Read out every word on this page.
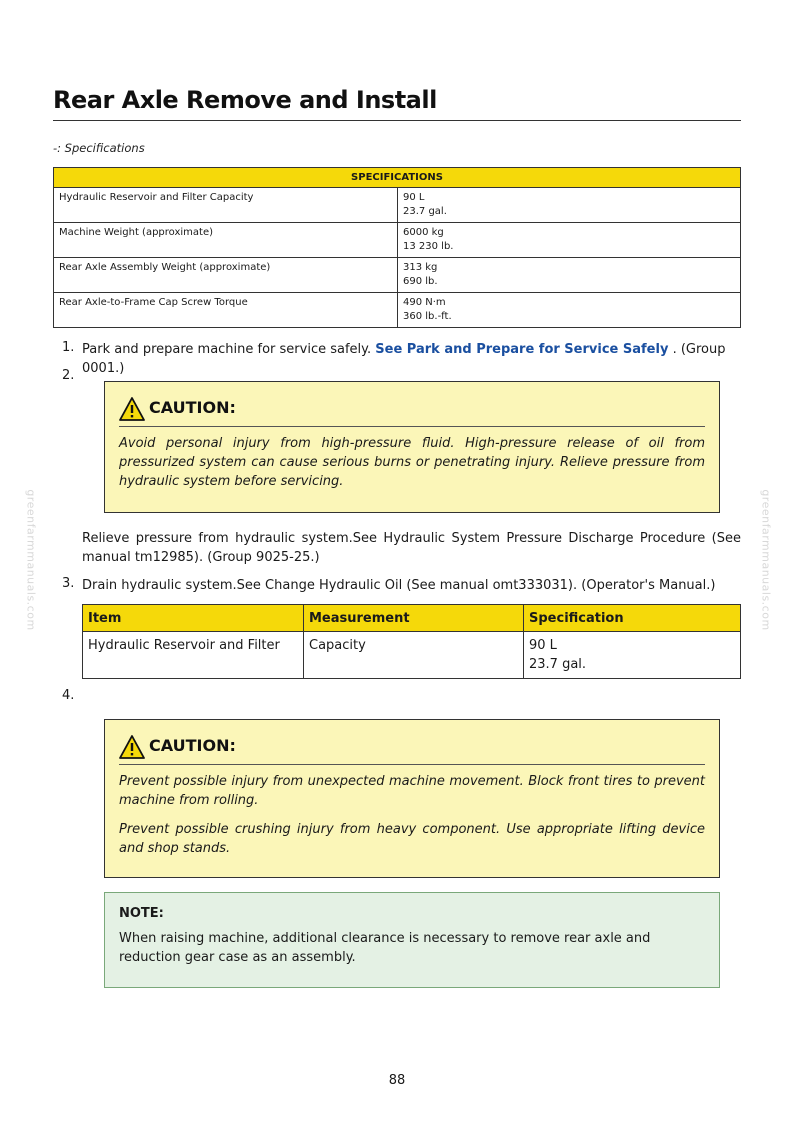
Rear Axle Remove and Install
-: Specifications
SPECIFICATIONS	
Hydraulic Reservoir and Filter Capacity	90 L
23.7 gal.

Machine Weight (approximate)	6000 kg
13 230 lb.

Rear Axle Assembly Weight (approximate)	313 kg
690 lb.

Rear Axle-to-Frame Cap Screw Torque	490 N·m
360 lb.-ft.
1. Park and prepare machine for service safely. See Park and Prepare for Service Safely . (Group 0001.)
2.
CAUTION:

Avoid personal injury from high-pressure fluid. High-pressure release of oil from pressurized system can cause serious burns or penetrating injury. Relieve pressure from hydraulic system before servicing.

Relieve pressure from hydraulic system.See Hydraulic System Pressure Discharge Procedure (See
manual tm12985). (Group 9025-25.)
3. Drain hydraulic system.See Change Hydraulic Oil (See manual omt333031). (Operator's Manual.)
Item	Measurement	Specification
Hydraulic Reservoir and Filter	Capacity	90 L
23.7 gal.
4.
CAUTION:

Prevent possible injury from unexpected machine movement. Block front tires to prevent machine from rolling.

Prevent possible crushing injury from heavy component. Use appropriate lifting device and shop stands.

NOTE:
When raising machine, additional clearance is necessary to remove rear axle and reduction gear case as an assembly.
greenfarmmanuals.com	greenfarmmanuals.com
88
